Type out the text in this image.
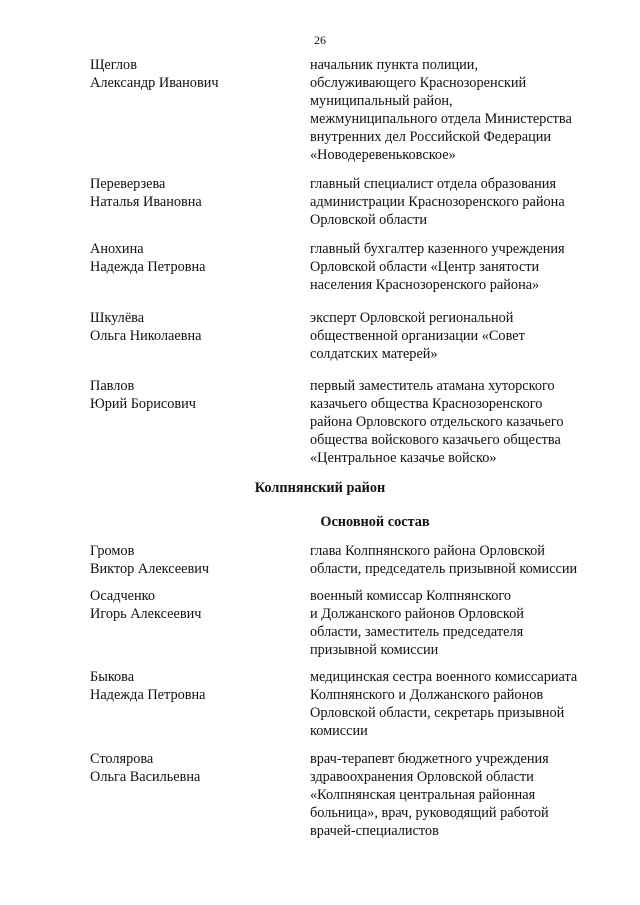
26
Щеглов
Александр Иванович
начальник пункта полиции,
обслуживающего Краснозоренский
муниципальный район,
межмуниципального отдела Министерства
внутренних дел Российской Федерации
«Новодеревеньковское»
Переверзева
Наталья Ивановна
главный специалист отдела образования
администрации Краснозоренского района
Орловской области
Анохина
Надежда Петровна
главный бухгалтер казенного учреждения
Орловской области «Центр занятости
населения Краснозоренского района»
Шкулёва
Ольга Николаевна
эксперт Орловской региональной
общественной организации «Совет
солдатских матерей»
Павлов
Юрий Борисович
первый заместитель атамана хуторского
казачьего общества Краснозоренского
района Орловского отдельского казачьего
общества войскового казачьего общества
«Центральное казачье войско»
Колпнянский район
Основной состав
Громов
Виктор Алексеевич
глава Колпнянского района Орловской
области, председатель призывной комиссии
Осадченко
Игорь Алексеевич
военный комиссар Колпнянского
и Должанского районов Орловской
области, заместитель председателя
призывной комиссии
Быкова
Надежда Петровна
медицинская сестра военного комиссариата
Колпнянского и Должанского районов
Орловской области, секретарь призывной
комиссии
Столярова
Ольга Васильевна
врач-терапевт бюджетного учреждения
здравоохранения Орловской области
«Колпнянская центральная районная
больница», врач, руководящий работой
врачей-специалистов
